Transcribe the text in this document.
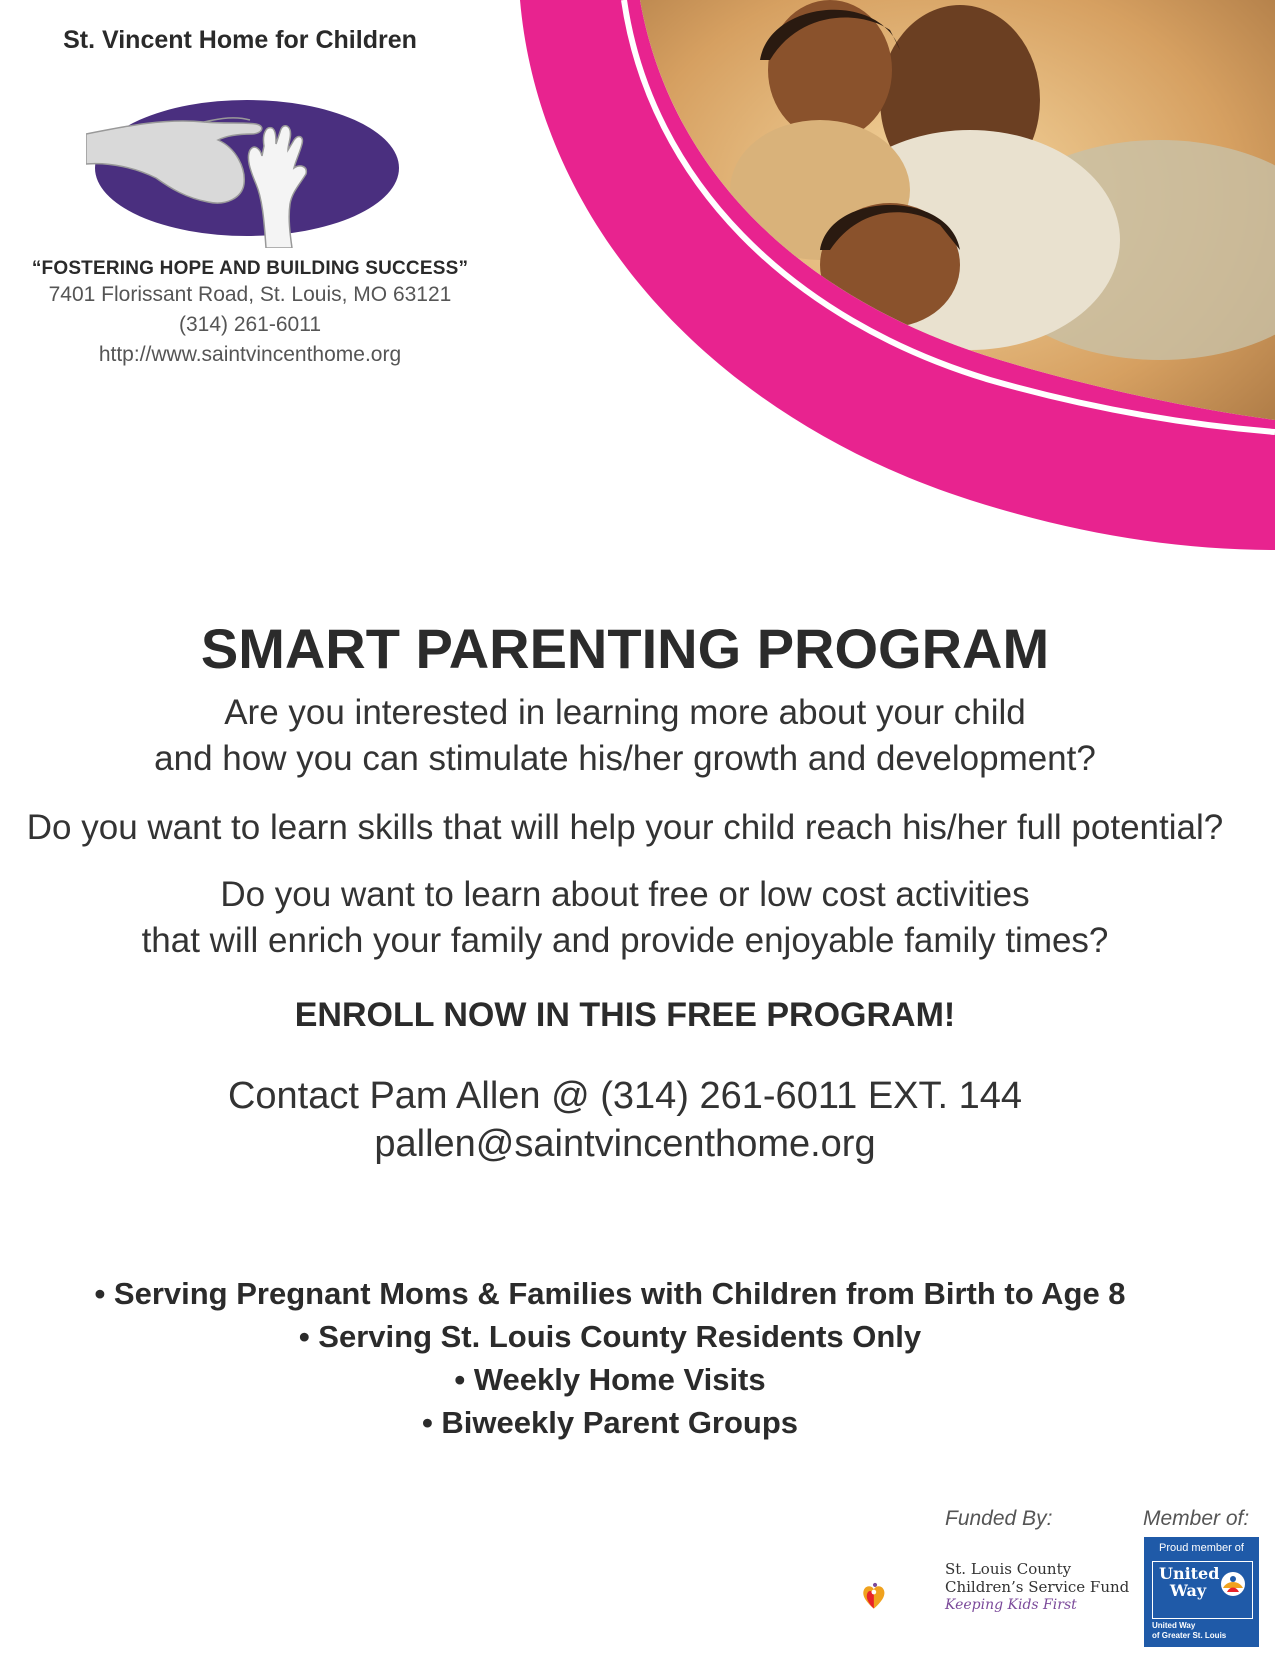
St. Vincent Home for Children
“FOSTERING HOPE AND BUILDING SUCCESS”
7401 Florissant Road, St. Louis, MO 63121
(314) 261-6011
http://www.saintvincenthome.org
SMART PARENTING PROGRAM
Are you interested in learning more about your child
and how you can stimulate his/her growth and development?
Do you want to learn skills that will help your child reach his/her full potential?
Do you want to learn about free or low cost activities
that will enrich your family and provide enjoyable family times?
ENROLL NOW IN THIS FREE PROGRAM!
Contact Pam Allen @ (314) 261-6011 EXT. 144
pallen@saintvincenthome.org
• Serving Pregnant Moms & Families with Children from Birth to Age 8
• Serving St. Louis County Residents Only
• Weekly Home Visits
• Biweekly Parent Groups
Funded By:	Member of:
St. Louis County
Children’s Service Fund
Keeping Kids First
Proud member of
United
Way
United Way
of Greater St. Louis
